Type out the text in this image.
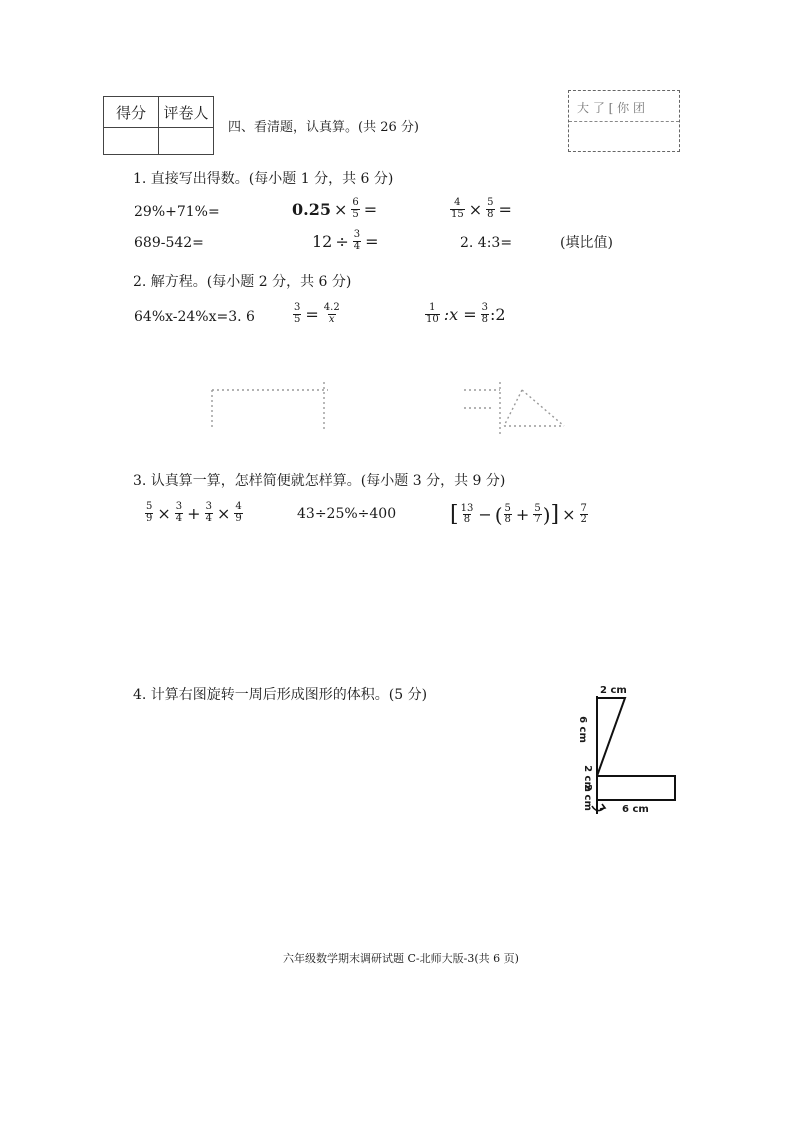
得分	评卷人

四、看清题，认真算。(共 26 分)
大 了 [ 你 团
1. 直接写出得数。(每小题 1 分，共 6 分)
29%+71%=	$0.25 \times \frac{6}{5}$ =	$\frac{4}{15} \times \frac{5}{8}$ =
689-542=	$12 \div \frac{3}{4}$ =	2. 4:3=	(填比值)
2. 解方程。(每小题 2 分，共 6 分)
64%x-24%x=3. 6	$\frac{3}{5} = \frac{4.2}{x}$	$\frac{1}{10}$ :x = $\frac{3}{8}$ :2
3. 认真算一算，怎样简便就怎样算。(每小题 3 分，共 9 分)
$\frac{5}{9} \times \frac{3}{4} + \frac{3}{4} \times \frac{4}{9}$	43÷25%÷400 [ $\frac{13}{8}$ − ( $\frac{5}{8} + \frac{5}{7}$ ) ] × $\frac{7}{2}$
4. 计算右图旋转一周后形成图形的体积。(5 分)	2 cm
6 cm
2 cm
2 cm	6 cm
六年级数学期末调研试题 C-北师大版-3(共 6 页)
